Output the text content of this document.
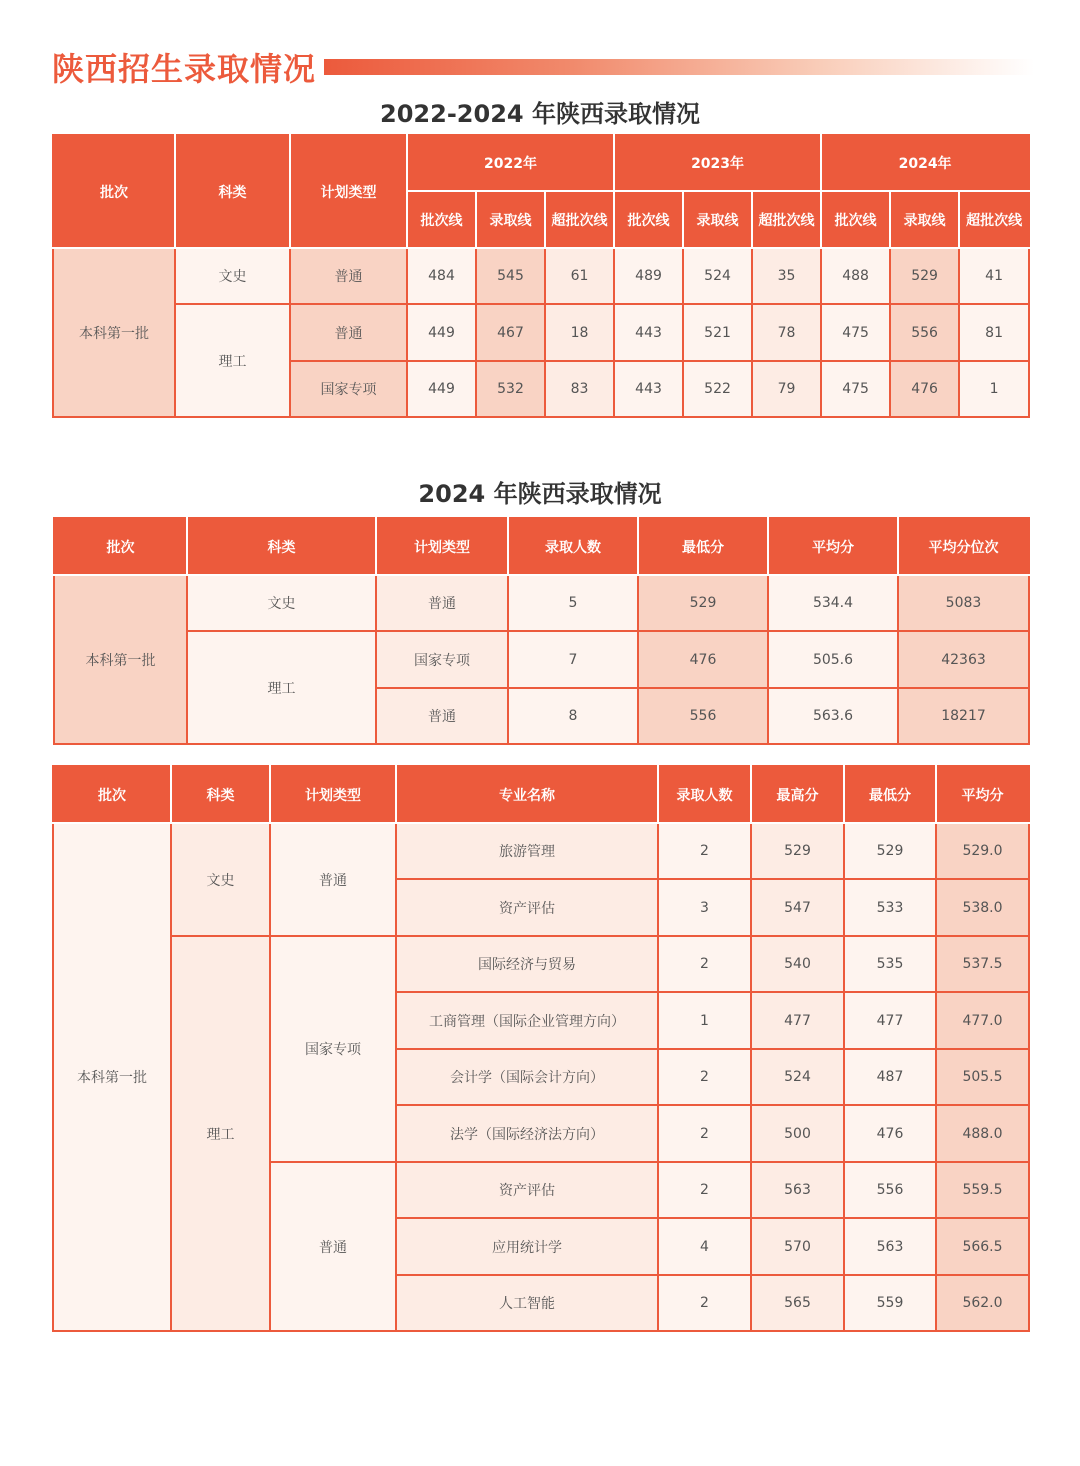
陕西招生录取情况
2022-2024 年陕西录取情况
批次	科类	计划类型	2022年			2023年			2024年		
			批次线	录取线	超批次线	批次线	录取线	超批次线	批次线	录取线	超批次线
本科第一批	文史	普通	484	545	61	489	524	35	488	529	41
	理工	普通	449	467	18	443	521	78	475	556	81
		国家专项	449	532	83	443	522	79	475	476	1
2024 年陕西录取情况
批次	科类	计划类型	录取人数	最低分	平均分	平均分位次
本科第一批	文史	普通	5	529	534.4	5083
	理工	国家专项	7	476	505.6	42363
		普通	8	556	563.6	18217
批次	科类	计划类型	专业名称	录取人数	最高分	最低分	平均分
本科第一批	文史	普通	旅游管理	2	529	529	529.0
			资产评估	3	547	533	538.0
	理工	国家专项	国际经济与贸易	2	540	535	537.5
			工商管理（国际企业管理方向）	1	477	477	477.0
			会计学（国际会计方向）	2	524	487	505.5
			法学（国际经济法方向）	2	500	476	488.0
		普通	资产评估	2	563	556	559.5
			应用统计学	4	570	563	566.5
			人工智能	2	565	559	562.0
